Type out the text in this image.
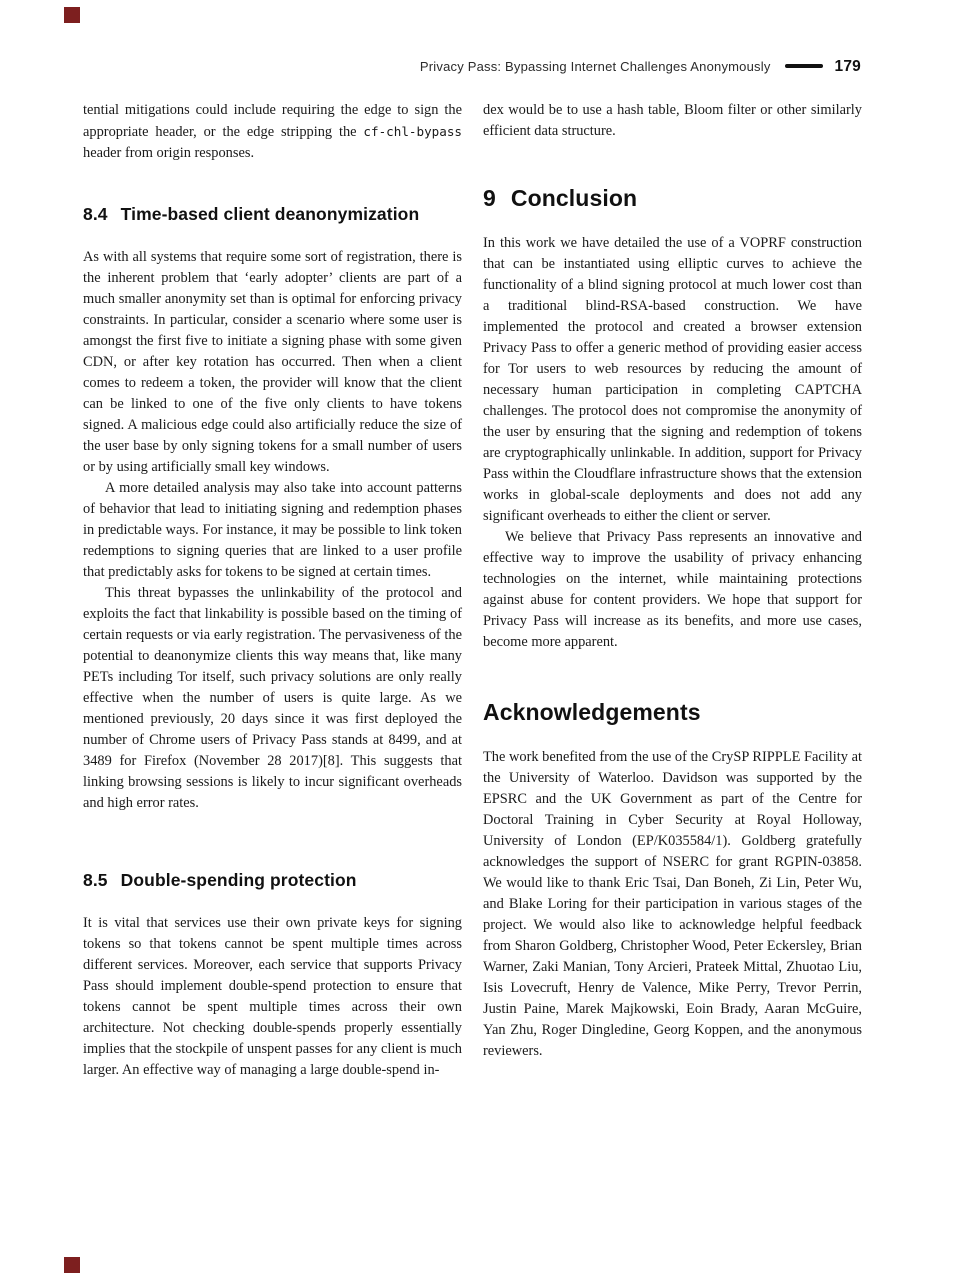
Privacy Pass: Bypassing Internet Challenges Anonymously	179

tential mitigations could include requiring the edge to sign the appropriate header, or the edge stripping the cf-chl-bypass header from origin responses.

8.4 Time-based client deanonymization

As with all systems that require some sort of registration, there is the inherent problem that ‘early adopter’ clients are part of a much smaller anonymity set than is optimal for enforcing privacy constraints. In particular, consider a scenario where some user is amongst the first five to initiate a signing phase with some given CDN, or after key rotation has occurred. Then when a client comes to redeem a token, the provider will know that the client can be linked to one of the five only clients to have tokens signed. A malicious edge could also artificially reduce the size of the user base by only signing tokens for a small number of users or by using artificially small key windows.

A more detailed analysis may also take into account patterns of behavior that lead to initiating signing and redemption phases in predictable ways. For instance, it may be possible to link token redemptions to signing queries that are linked to a user profile that predictably asks for tokens to be signed at certain times.

This threat bypasses the unlinkability of the protocol and exploits the fact that linkability is possible based on the timing of certain requests or via early registration. The pervasiveness of the potential to deanonymize clients this way means that, like many PETs including Tor itself, such privacy solutions are only really effective when the number of users is quite large. As we mentioned previously, 20 days since it was first deployed the number of Chrome users of Privacy Pass stands at 8499, and at 3489 for Firefox (November 28 2017)[8]. This suggests that linking browsing sessions is likely to incur significant overheads and high error rates.

8.5 Double-spending protection

It is vital that services use their own private keys for signing tokens so that tokens cannot be spent multiple times across different services. Moreover, each service that supports Privacy Pass should implement double-spend protection to ensure that tokens cannot be spent multiple times across their own architecture. Not checking double-spends properly essentially implies that the stockpile of unspent passes for any client is much larger. An effective way of managing a large double-spend in-

dex would be to use a hash table, Bloom filter or other similarly efficient data structure.

9 Conclusion

In this work we have detailed the use of a VOPRF construction that can be instantiated using elliptic curves to achieve the functionality of a blind signing protocol at much lower cost than a traditional blind-RSA-based construction. We have implemented the protocol and created a browser extension Privacy Pass to offer a generic method of providing easier access for Tor users to web resources by reducing the amount of necessary human participation in completing CAPTCHA challenges. The protocol does not compromise the anonymity of the user by ensuring that the signing and redemption of tokens are cryptographically unlinkable. In addition, support for Privacy Pass within the Cloudflare infrastructure shows that the extension works in global-scale deployments and does not add any significant overheads to either the client or server.

We believe that Privacy Pass represents an innovative and effective way to improve the usability of privacy enhancing technologies on the internet, while maintaining protections against abuse for content providers. We hope that support for Privacy Pass will increase as its benefits, and more use cases, become more apparent.

Acknowledgements

The work benefited from the use of the CrySP RIPPLE Facility at the University of Waterloo. Davidson was supported by the EPSRC and the UK Government as part of the Centre for Doctoral Training in Cyber Security at Royal Holloway, University of London (EP/K035584/1). Goldberg gratefully acknowledges the support of NSERC for grant RGPIN-03858. We would like to thank Eric Tsai, Dan Boneh, Zi Lin, Peter Wu, and Blake Loring for their participation in various stages of the project. We would also like to acknowledge helpful feedback from Sharon Goldberg, Christopher Wood, Peter Eckersley, Brian Warner, Zaki Manian, Tony Arcieri, Prateek Mittal, Zhuotao Liu, Isis Lovecruft, Henry de Valence, Mike Perry, Trevor Perrin, Justin Paine, Marek Majkowski, Eoin Brady, Aaran McGuire, Yan Zhu, Roger Dingledine, Georg Koppen, and the anonymous reviewers.
